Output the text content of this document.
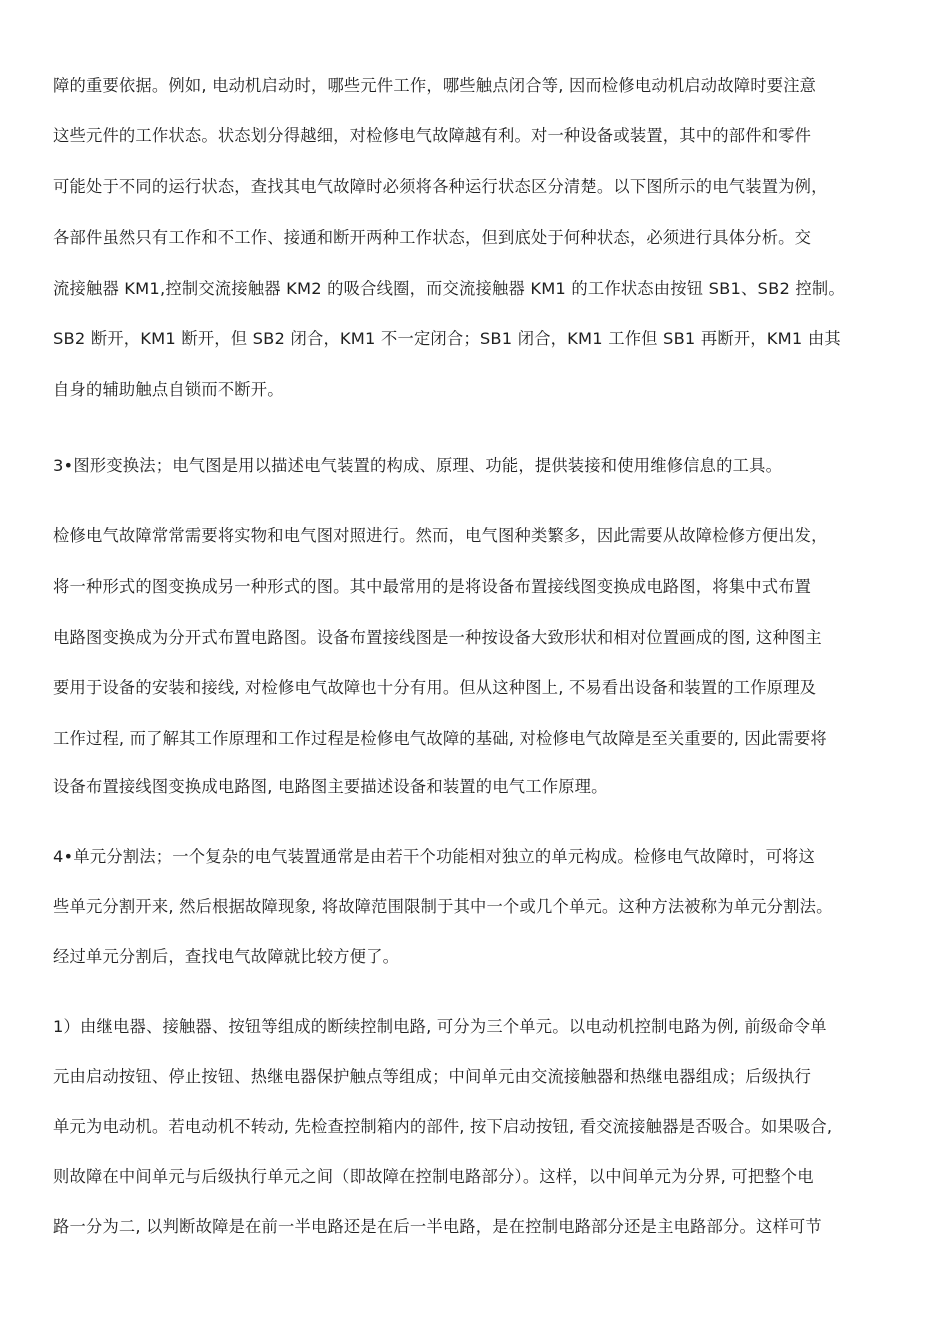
障的重要依据。例如, 电动机启动时，哪些元件工作，哪些触点闭合等, 因而检修电动机启动故障时要注意
这些元件的工作状态。状态划分得越细，对检修电气故障越有利。对一种设备或装置，其中的部件和零件
可能处于不同的运行状态，查找其电气故障时必须将各种运行状态区分清楚。以下图所示的电气装置为例，
各部件虽然只有工作和不工作、接通和断开两种工作状态，但到底处于何种状态，必须进行具体分析。交
流接触器 KM1,控制交流接触器 KM2 的吸合线圈，而交流接触器 KM1 的工作状态由按钮 SB1、SB2 控制。
SB2 断开，KM1 断开，但 SB2 闭合，KM1 不一定闭合；SB1 闭合，KM1 工作但 SB1 再断开，KM1 由其
自身的辅助触点自锁而不断开。
3•图形变换法；电气图是用以描述电气装置的构成、原理、功能，提供装接和使用维修信息的工具。
检修电气故障常常需要将实物和电气图对照进行。然而，电气图种类繁多，因此需要从故障检修方便出发，
将一种形式的图变换成另一种形式的图。其中最常用的是将设备布置接线图变换成电路图，将集中式布置
电路图变换成为分开式布置电路图。设备布置接线图是一种按设备大致形状和相对位置画成的图, 这种图主
要用于设备的安装和接线, 对检修电气故障也十分有用。但从这种图上, 不易看出设备和装置的工作原理及
工作过程, 而了解其工作原理和工作过程是检修电气故障的基础, 对检修电气故障是至关重要的, 因此需要将
设备布置接线图变换成电路图, 电路图主要描述设备和装置的电气工作原理。
4•单元分割法；一个复杂的电气装置通常是由若干个功能相对独立的单元构成。检修电气故障时，可将这
些单元分割开来, 然后根据故障现象, 将故障范围限制于其中一个或几个单元。这种方法被称为单元分割法。
经过单元分割后，查找电气故障就比较方便了。
1）由继电器、接触器、按钮等组成的断续控制电路, 可分为三个单元。以电动机控制电路为例, 前级命令单
元由启动按钮、停止按钮、热继电器保护触点等组成；中间单元由交流接触器和热继电器组成；后级执行
单元为电动机。若电动机不转动, 先检查控制箱内的部件, 按下启动按钮, 看交流接触器是否吸合。如果吸合,
则故障在中间单元与后级执行单元之间（即故障在控制电路部分）。这样，以中间单元为分界, 可把整个电
路一分为二, 以判断故障是在前一半电路还是在后一半电路，是在控制电路部分还是主电路部分。这样可节
